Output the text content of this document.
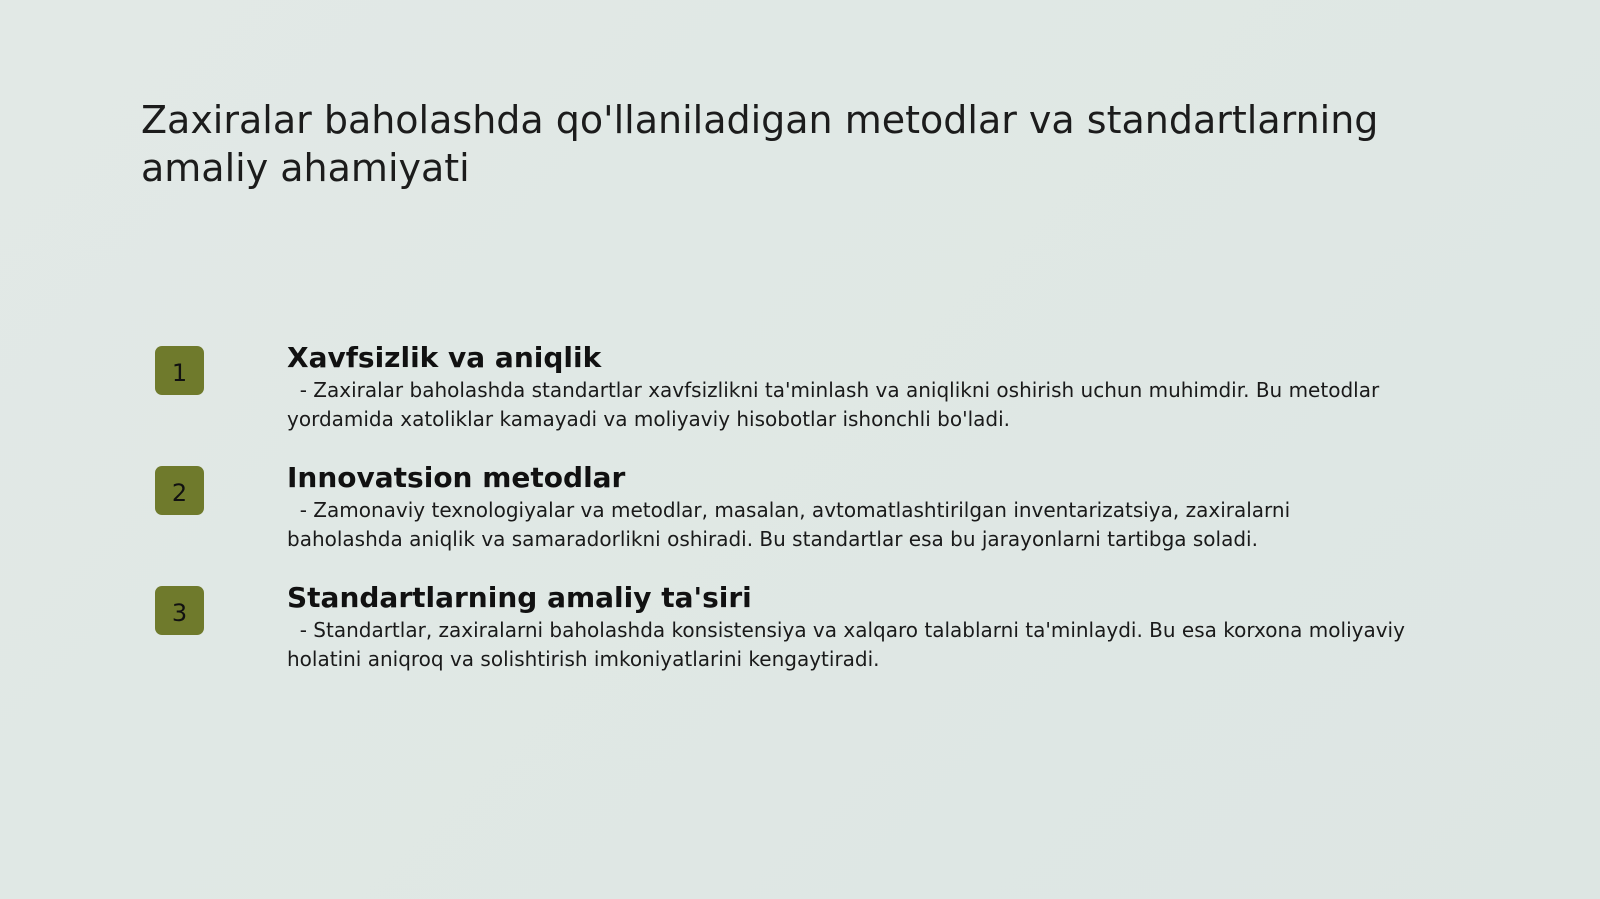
Zaxiralar baholashda qo'llaniladigan metodlar va standartlarning amaliy ahamiyati
1	Xavfsizlik va aniqlik

- Zaxiralar baholashda standartlar xavfsizlikni ta'minlash va aniqlikni oshirish uchun muhimdir. Bu metodlar yordamida xatoliklar kamayadi va moliyaviy hisobotlar ishonchli bo'ladi.

2	Innovatsion metodlar

- Zamonaviy texnologiyalar va metodlar, masalan, avtomatlashtirilgan inventarizatsiya, zaxiralarni baholashda aniqlik va samaradorlikni oshiradi. Bu standartlar esa bu jarayonlarni tartibga soladi.

3	Standartlarning amaliy ta'siri

- Standartlar, zaxiralarni baholashda konsistensiya va xalqaro talablarni ta'minlaydi. Bu esa korxona moliyaviy holatini aniqroq va solishtirish imkoniyatlarini kengaytiradi.
